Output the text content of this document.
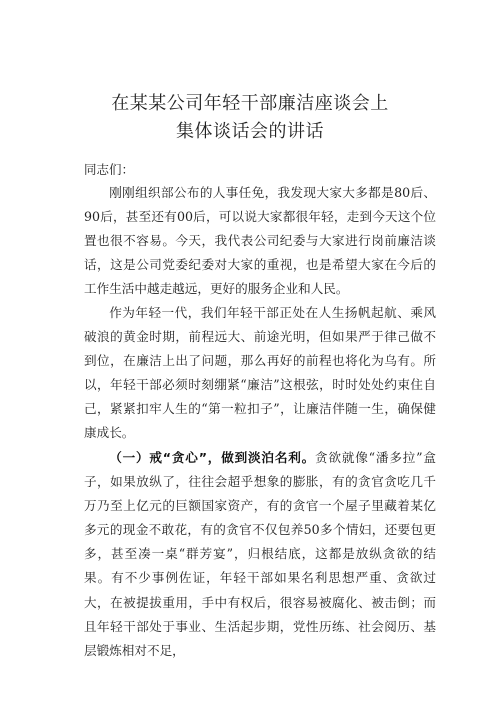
在某某公司年轻干部廉洁座谈会上
集体谈话会的讲话
同志们：

刚刚组织部公布的人事任免，我发现大家大多都是80后、90后，甚至还有00后，可以说大家都很年轻，走到今天这个位置也很不容易。今天，我代表公司纪委与大家进行岗前廉洁谈话，这是公司党委纪委对大家的重视，也是希望大家在今后的工作生活中越走越远，更好的服务企业和人民。

作为年轻一代，我们年轻干部正处在人生扬帆起航、乘风破浪的黄金时期，前程远大、前途光明，但如果严于律己做不到位，在廉洁上出了问题，那么再好的前程也将化为乌有。所以，年轻干部必须时刻绷紧“廉洁”这根弦，时时处处约束住自己，紧紧扣牢人生的“第一粒扣子”，让廉洁伴随一生，确保健康成长。

（一）戒“贪心”，做到淡泊名利。贪欲就像“潘多拉”盒子，如果放纵了，往往会超乎想象的膨胀，有的贪官贪吃几千万乃至上亿元的巨额国家资产，有的贪官一个屋子里藏着某亿多元的现金不敢花，有的贪官不仅包养50多个情妇，还要包更多，甚至凑一桌“群芳宴”，归根结底，这都是放纵贪欲的结果。有不少事例佐证，年轻干部如果名利思想严重、贪欲过大，在被提拔重用，手中有权后，很容易被腐化、被击倒；而且年轻干部处于事业、生活起步期，党性历练、社会阅历、基层锻炼相对不足，
